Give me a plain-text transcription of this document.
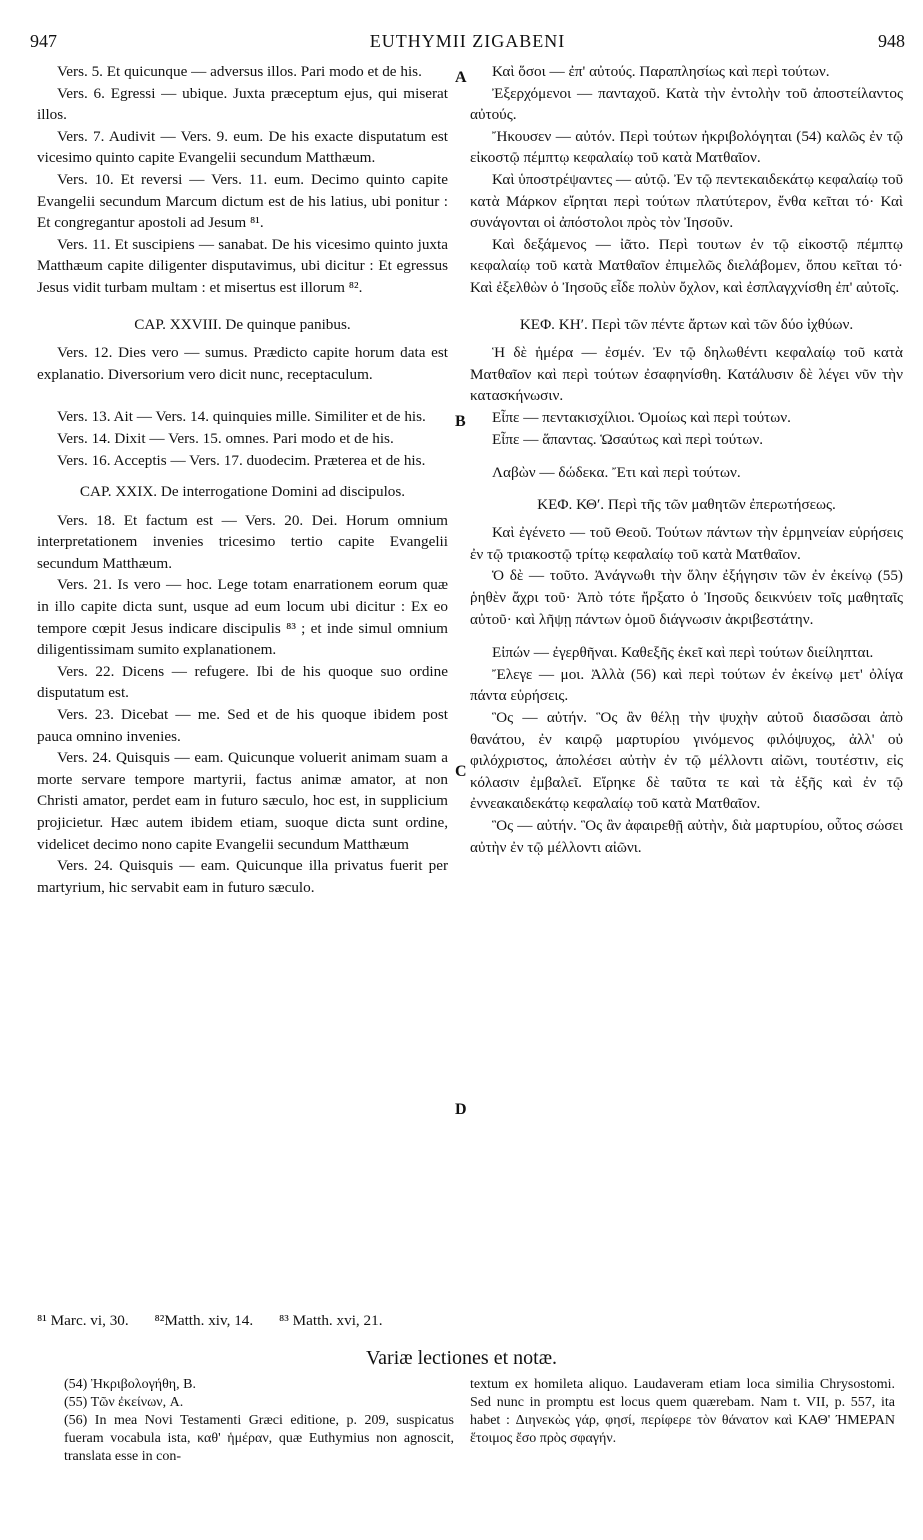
947	EUTHYMII ZIGABENI	948

Vers. 5. Et quicunque — adversus illos. Pari modo et de his.

Vers. 6. Egressi — ubique. Juxta præceptum ejus, qui miserat illos.

Vers. 7. Audivit — Vers. 9. eum. De his exacte disputatum est vicesimo quinto capite Evangelii secundum Matthæum.

Vers. 10. Et reversi — Vers. 11. eum. Decimo quinto capite Evangelii secundum Marcum dictum est de his latius, ubi ponitur : Et congregantur apostoli ad Jesum ⁸¹.

Vers. 11. Et suscipiens — sanabat. De his vicesimo quinto juxta Matthæum capite diligenter disputavimus, ubi dicitur : Et egressus Jesus vidit turbam multam : et misertus est illorum ⁸².

CAP. XXVIII. De quinque panibus.

Vers. 12. Dies vero — sumus. Prædicto capite horum data est explanatio. Diversorium vero dicit nunc, receptaculum.

Vers. 13. Ait — Vers. 14. quinquies mille. Similiter et de his.

Vers. 14. Dixit — Vers. 15. omnes. Pari modo et de his.

Vers. 16. Acceptis — Vers. 17. duodecim. Præterea et de his.

CAP. XXIX. De interrogatione Domini ad discipulos.

Vers. 18. Et factum est — Vers. 20. Dei. Horum omnium interpretationem invenies tricesimo tertio capite Evangelii secundum Matthæum.

Vers. 21. Is vero — hoc. Lege totam enarrationem eorum quæ in illo capite dicta sunt, usque ad eum locum ubi dicitur : Ex eo tempore cœpit Jesus indicare discipulis ⁸³ ; et inde simul omnium diligentissimam sumito explanationem.

Vers. 22. Dicens — refugere. Ibi de his quoque suo ordine disputatum est.

Vers. 23. Dicebat — me. Sed et de his quoque ibidem post pauca omnino invenies.

Vers. 24. Quisquis — eam. Quicunque voluerit animam suam a morte servare tempore martyrii, factus animæ amator, at non Christi amator, perdet eam in futuro sæculo, hoc est, in supplicium projicietur. Hæc autem ibidem etiam, suoque dicta sunt ordine, videlicet decimo nono capite Evangelii secundum Matthæum

Vers. 24. Quisquis — eam. Quicunque illa privatus fuerit per martyrium, hic servabit eam in futuro sæculo.

Καὶ ὅσοι — ἐπ' αὐτούς. Παραπλησίως καὶ περὶ τούτων.

Ἐξερχόμενοι — πανταχοῦ. Κατὰ τὴν ἐντολὴν τοῦ ἀποστείλαντος αὐτούς.

Ἤκουσεν — αὐτόν. Περὶ τούτων ἠκριβολόγηται (54) καλῶς ἐν τῷ εἰκοστῷ πέμπτῳ κεφαλαίῳ τοῦ κατὰ Ματθαῖον.

Καὶ ὑποστρέψαντες — αὐτῷ. Ἐν τῷ πεντεκαιδεκάτῳ κεφαλαίῳ τοῦ κατὰ Μάρκον εἴρηται περὶ τούτων πλατύτερον, ἔνθα κεῖται τό· Καὶ συνάγονται οἱ ἀπόστολοι πρὸς τὸν Ἰησοῦν.

Καὶ δεξάμενος — ἰᾶτο. Περὶ τουτων ἐν τῷ εἰκοστῷ πέμπτῳ κεφαλαίῳ τοῦ κατὰ Ματθαῖον ἐπιμελῶς διελάβομεν, ὅπου κεῖται τό· Καὶ ἐξελθὼν ὁ Ἰησοῦς εἶδε πολὺν ὄχλον, καὶ ἐσπλαγχνίσθη ἐπ' αὐτοῖς.

ΚΕΦ. ΚΗʹ. Περὶ τῶν πέντε ἄρτων καὶ τῶν δύο ἰχθύων.

Ἡ δὲ ἡμέρα — ἐσμέν. Ἐν τῷ δηλωθέντι κεφαλαίῳ τοῦ κατὰ Ματθαῖον καὶ περὶ τούτων ἐσαφηνίσθη. Κατάλυσιν δὲ λέγει νῦν τὴν κατασκήνωσιν.

Εἶπε — πεντακισχίλιοι. Ὁμοίως καὶ περὶ τούτων.

Εἶπε — ἅπαντας. Ὡσαύτως καὶ περὶ τούτων.

Λαβὼν — δώδεκα. Ἔτι καὶ περὶ τούτων.

ΚΕΦ. ΚΘʹ. Περὶ τῆς τῶν μαθητῶν ἐπερωτήσεως.

Καὶ ἐγένετο — τοῦ Θεοῦ. Τούτων πάντων τὴν ἑρμηνείαν εὑρήσεις ἐν τῷ τριακοστῷ τρίτῳ κεφαλαίῳ τοῦ κατὰ Ματθαῖον.

Ὁ δὲ — τοῦτο. Ἀνάγνωθι τὴν ὅλην ἐξήγησιν τῶν ἐν ἐκείνῳ (55) ῥηθὲν ἄχρι τοῦ· Ἀπὸ τότε ἤρξατο ὁ Ἰησοῦς δεικνύειν τοῖς μαθηταῖς αὐτοῦ· καὶ λῆψῃ πάντων ὁμοῦ διάγνωσιν ἀκριβεστάτην.

Εἰπών — ἐγερθῆναι. Καθεξῆς ἐκεῖ καὶ περὶ τούτων διείληπται.

Ἔλεγε — μοι. Ἀλλὰ (56) καὶ περὶ τούτων ἐν ἐκείνῳ μετ' ὀλίγα πάντα εὑρήσεις.

Ὃς — αὐτήν. Ὃς ἂν θέλῃ τὴν ψυχὴν αὐτοῦ διασῶσαι ἀπὸ θανάτου, ἐν καιρῷ μαρτυρίου γινόμενος φιλόψυχος, ἀλλ' οὐ φιλόχριστος, ἀπολέσει αὐτὴν ἐν τῷ μέλλοντι αἰῶνι, τουτέστιν, εἰς κόλασιν ἐμβαλεῖ. Εἴρηκε δὲ ταῦτα τε καὶ τὰ ἑξῆς καὶ ἐν τῷ ἐννεακαιδεκάτῳ κεφαλαίῳ τοῦ κατὰ Ματθαῖον.

Ὃς — αὐτήν. Ὃς ἂν ἀφαιρεθῇ αὐτὴν, διὰ μαρτυρίου, οὗτος σώσει αὐτὴν ἐν τῷ μέλλοντι αἰῶνι.

A
B
C
D
⁸¹ Marc. vi, 30. ⁸²Matth. xiv, 14. ⁸³ Matth. xvi, 21.
Variæ lectiones et notæ.
(54) Ἠκριβολογήθη, B.
(55) Τῶν ἐκείνων, A.
(56) In mea Novi Testamenti Græci editione, p. 209, suspicatus fueram vocabula ista, καθ' ἡμέραν, quæ Euthymius non agnoscit, translata esse in con-
textum ex homileta aliquo. Laudaveram etiam loca similia Chrysostomi. Sed nunc in promptu est locus quem quærebam. Nam t. VII, p. 557, ita habet : Διηνεκὼς γάρ, φησί, περίφερε τὸν θάνατον καὶ ΚΑΘ' ΉΜΕΡΑΝ ἕτοιμος ἔσο πρὸς σφαγήν.
